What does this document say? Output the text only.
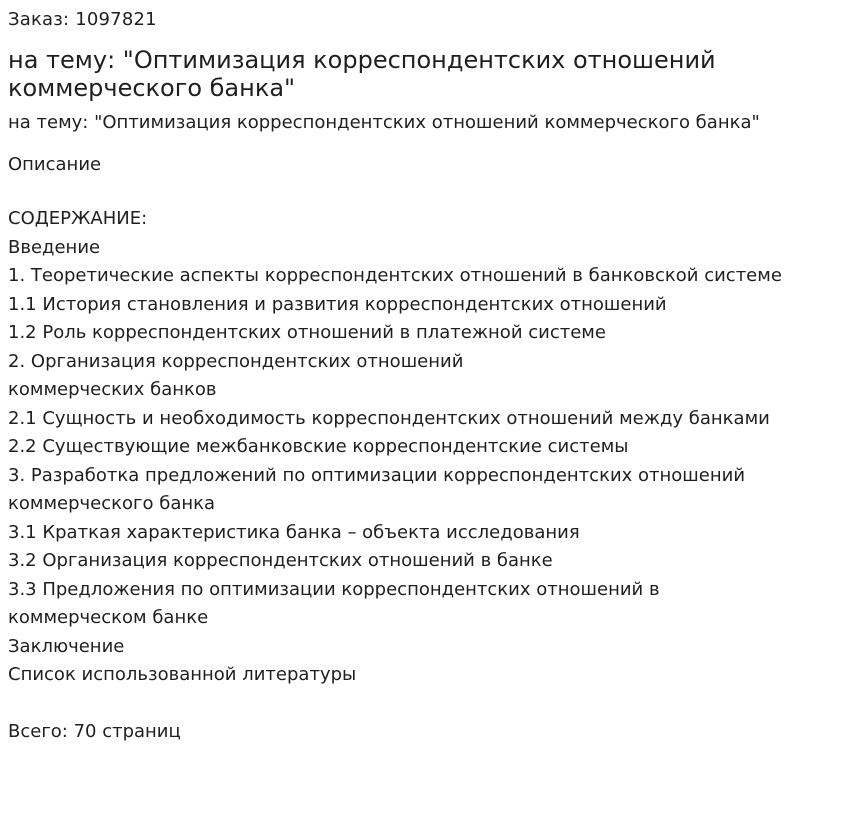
Заказ: 1097821
на тему: "Оптимизация корреспондентских отношений
коммерческого банка"
на тему: "Оптимизация корреспондентских отношений коммерческого банка"
Описание
СОДЕРЖАНИЕ:
Введение
1. Теоретические аспекты корреспондентских отношений в банковской системе
1.1 История становления и развития корреспондентских отношений
1.2 Роль корреспондентских отношений в платежной системе
2. Организация корреспондентских отношений
коммерческих банков
2.1 Сущность и необходимость корреспондентских отношений между банками
2.2 Существующие межбанковские корреспондентские системы
3. Разработка предложений по оптимизации корреспондентских отношений
коммерческого банка
3.1 Краткая характеристика банка – объекта исследования
3.2 Организация корреспондентских отношений в банке
3.3 Предложения по оптимизации корреспондентских отношений в
коммерческом банке
Заключение
Список использованной литературы
Всего: 70 страниц
